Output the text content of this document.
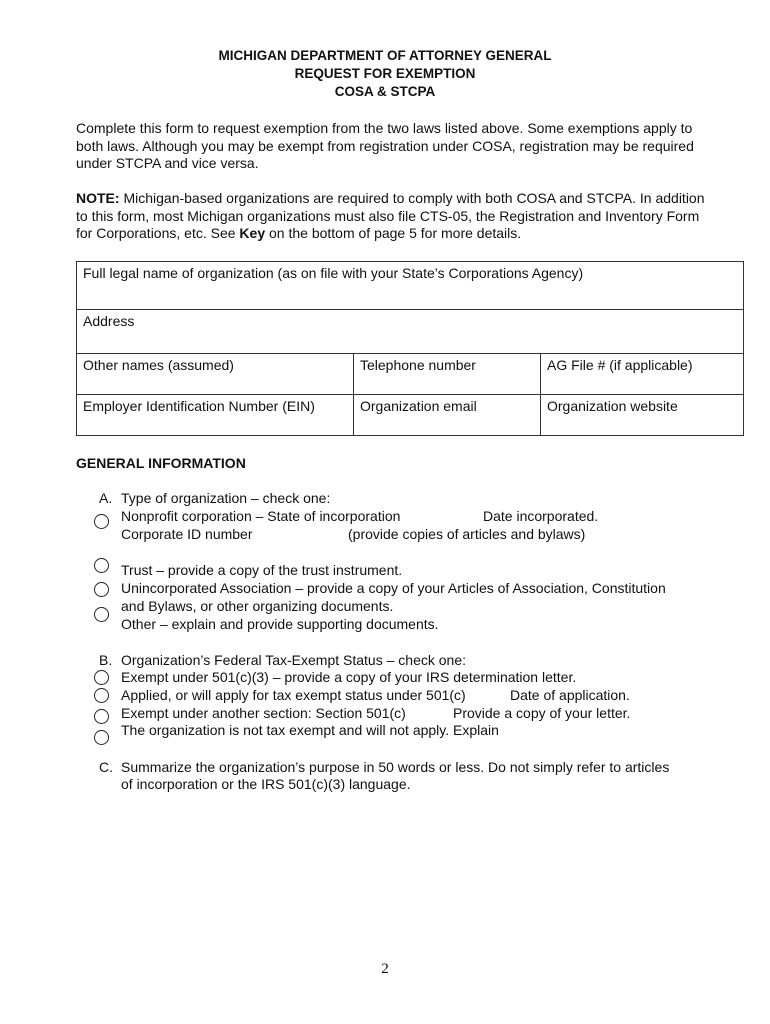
MICHIGAN DEPARTMENT OF ATTORNEY GENERAL
REQUEST FOR EXEMPTION
COSA & STCPA
Complete this form to request exemption from the two laws listed above. Some exemptions apply to both laws. Although you may be exempt from registration under COSA, registration may be required under STCPA and vice versa.
NOTE: Michigan-based organizations are required to comply with both COSA and STCPA. In addition to this form, most Michigan organizations must also file CTS-05, the Registration and Inventory Form for Corporations, etc. See Key on the bottom of page 5 for more details.
Full legal name of organization (as on file with your State’s Corporations Agency)		
Address		
Other names (assumed)	Telephone number	AG File # (if applicable)
Employer Identification Number (EIN)	Organization email	Organization website
GENERAL INFORMATION
A. Type of organization – check one:
Nonprofit corporation – State of incorporation	Date incorporated.
Corporate ID number	(provide copies of articles and bylaws)
Trust – provide a copy of the trust instrument.
Unincorporated Association – provide a copy of your Articles of Association, Constitution
and Bylaws, or other organizing documents.
Other – explain and provide supporting documents.
B. Organization’s Federal Tax-Exempt Status – check one:
Exempt under 501(c)(3) – provide a copy of your IRS determination letter.
Applied, or will apply for tax exempt status under 501(c)	Date of application.
Exempt under another section: Section 501(c)	Provide a copy of your letter.
The organization is not tax exempt and will not apply. Explain
C. Summarize the organization’s purpose in 50 words or less. Do not simply refer to articles
of incorporation or the IRS 501(c)(3) language.
2
